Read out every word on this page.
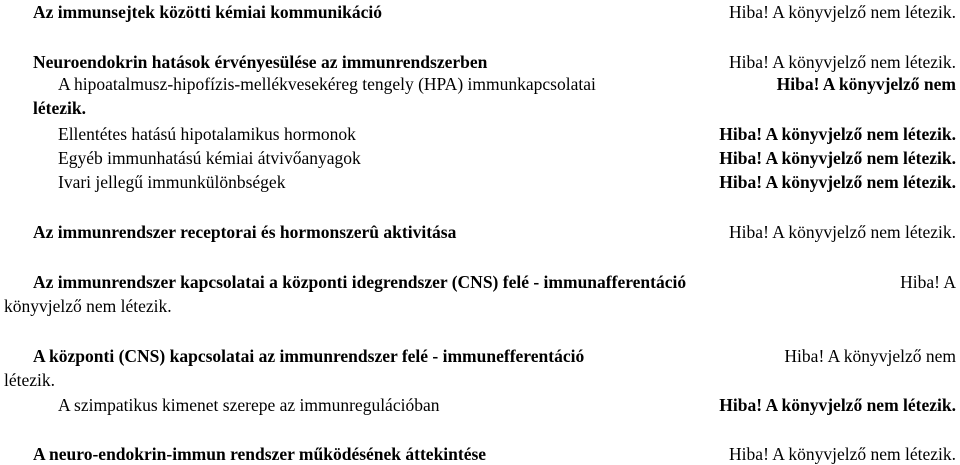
Az immunsejtek közötti kémiai kommunikáció	Hiba! A könyvjelző nem létezik.
Neuroendokrin hatások érvényesülése az immunrendszerben	Hiba! A könyvjelző nem létezik.
A hipoatalmusz-hipofízis-mellékvesekéreg tengely (HPA) immunkapcsolatai	Hiba! A könyvjelző nem
létezik.
Ellentétes hatású hipotalamikus hormonok	Hiba! A könyvjelző nem létezik.
Egyéb immunhatású kémiai átvivőanyagok	Hiba! A könyvjelző nem létezik.
Ivari jellegű immunkülönbségek	Hiba! A könyvjelző nem létezik.
Az immunrendszer receptorai és hormonszerû aktivitása	Hiba! A könyvjelző nem létezik.
Az immunrendszer kapcsolatai a központi idegrendszer (CNS) felé - immunafferentáció	Hiba! A
könyvjelző nem létezik.
A központi (CNS) kapcsolatai az immunrendszer felé - immunefferentáció	Hiba! A könyvjelző nem
létezik.
A szimpatikus kimenet szerepe az immunregulációban	Hiba! A könyvjelző nem létezik.
A neuro-endokrin-immun rendszer működésének áttekintése	Hiba! A könyvjelző nem létezik.
